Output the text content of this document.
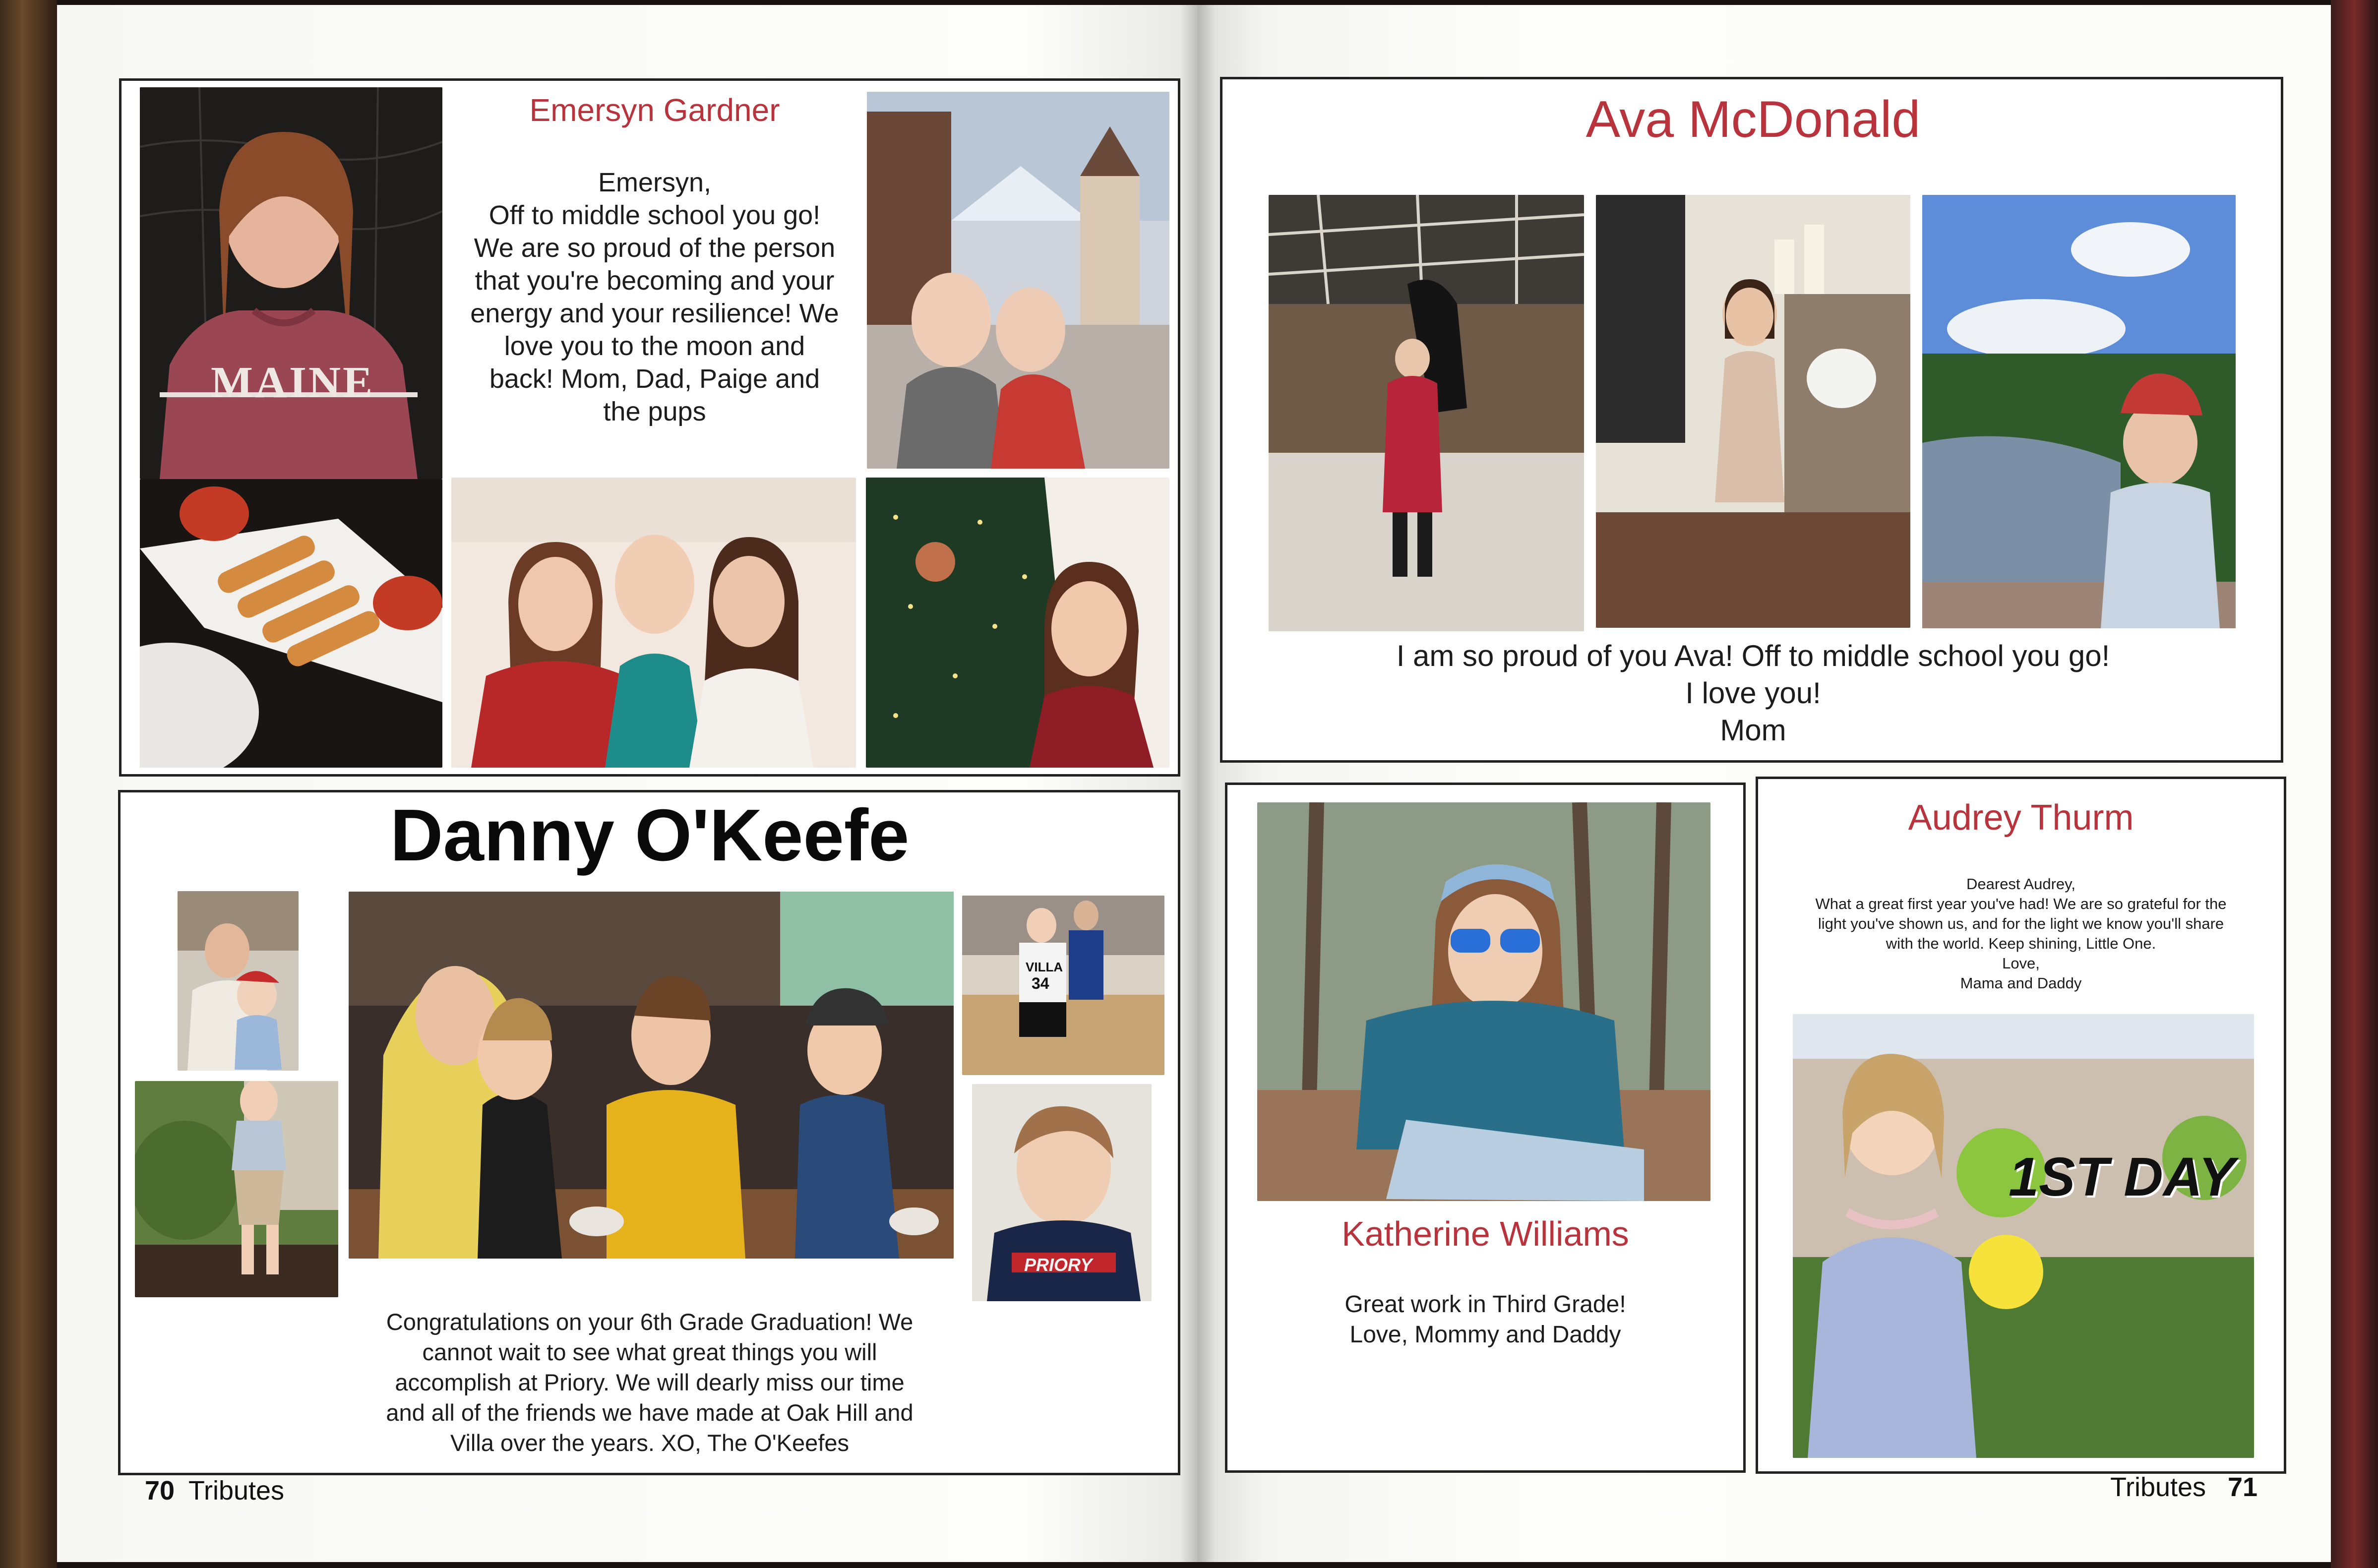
MAINE
Emersyn Gardner
Emersyn,
Off to middle school you go!
We are so proud of the person
that you're becoming and your
energy and your resilience! We
love you to the moon and
back! Mom, Dad, Paige and
the pups
Danny O'Keefe
VILLA
34
PRIORY
Congratulations on your 6th Grade Graduation! We
cannot wait to see what great things you will
accomplish at Priory. We will dearly miss our time
and all of the friends we have made at Oak Hill and
Villa over the years. XO, The O'Keefes
70 Tributes
Ava McDonald
I am so proud of you Ava! Off to middle school you go!
I love you!
Mom
Katherine Williams
Great work in Third Grade!
Love, Mommy and Daddy
Audrey Thurm
Dearest Audrey,
What a great first year you've had! We are so grateful for the
light you've shown us, and for the light we know you'll share
with the world. Keep shining, Little One.
Love,
Mama and Daddy
1ST DAY
Tributes 71
